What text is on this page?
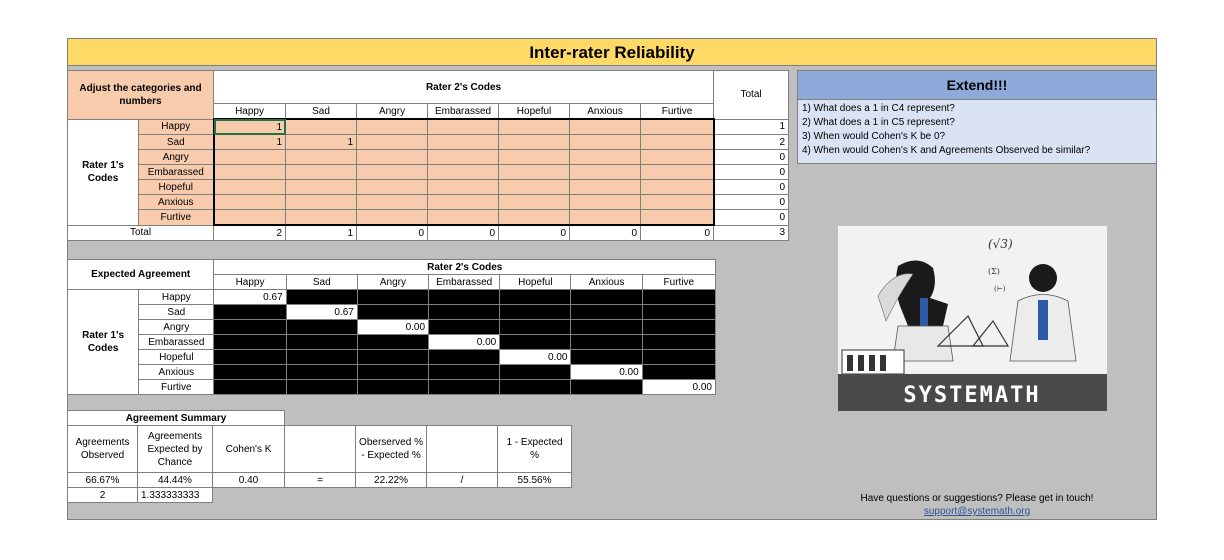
Inter-rater Reliability
Adjust the categories and numbers		Rater 2's Codes							Total
		Happy	Sad	Angry	Embarassed	Hopeful	Anxious	Furtive	
Rater 1's Codes	Happy	1							1
	Sad	1	1						2
	Angry								0
	Embarassed								0
	Hopeful								0
	Anxious								0
	Furtive								0
Total		2	1	0	0	0	0	0	3
Expected Agreement		Rater 2's Codes						
		Happy	Sad	Angry	Embarassed	Hopeful	Anxious	Furtive
Rater 1's Codes	Happy	0.67						
	Sad		0.67					
	Angry			0.00				
	Embarassed				0.00			
	Hopeful					0.00		
	Anxious						0.00	
	Furtive							0.00
Agreement Summary						
Agreements Observed	Agreements Expected by Chance	Cohen's K		Oberserved % - Expected %		1 - Expected %
66.67%	44.44%	0.40	=	22.22%	/	55.56%
2	1.333333333					
Extend!!!
1) What does a 1 in C4 represent?
2) What does a 1 in C5 represent?
3) When would Cohen's K be 0?
4) When would Cohen's K and Agreements Observed be similar?
(√3)
(Σ)
(⊢)
SYSTEMATH
Have questions or suggestions? Please get in touch!
support@systemath.org
